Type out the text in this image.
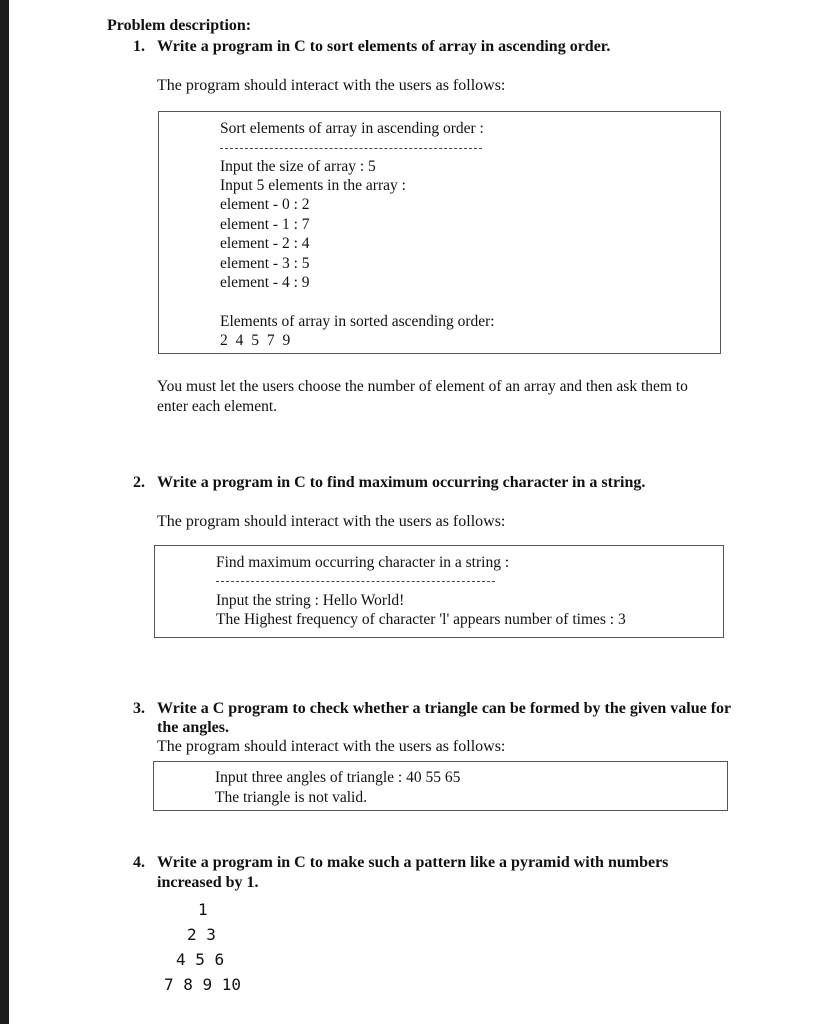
Problem description:
1. Write a program in C to sort elements of array in ascending order.
The program should interact with the users as follows:
Sort elements of array in ascending order :
Input the size of array : 5
Input 5 elements in the array :
element - 0 : 2
element - 1 : 7
element - 2 : 4
element - 3 : 5
element - 4 : 9
Elements of array in sorted ascending order:
2 4 5 7 9
You must let the users choose the number of element of an array and then ask them to
enter each element.
2. Write a program in C to find maximum occurring character in a string.
The program should interact with the users as follows:
Find maximum occurring character in a string :
Input the string : Hello World!
The Highest frequency of character 'l' appears number of times : 3
3. Write a C program to check whether a triangle can be formed by the given value for
the angles.
The program should interact with the users as follows:
Input three angles of triangle : 40 55 65
The triangle is not valid.
4. Write a program in C to make such a pattern like a pyramid with numbers
increased by 1.
1
2 3
4 5 6
7 8 9 10
